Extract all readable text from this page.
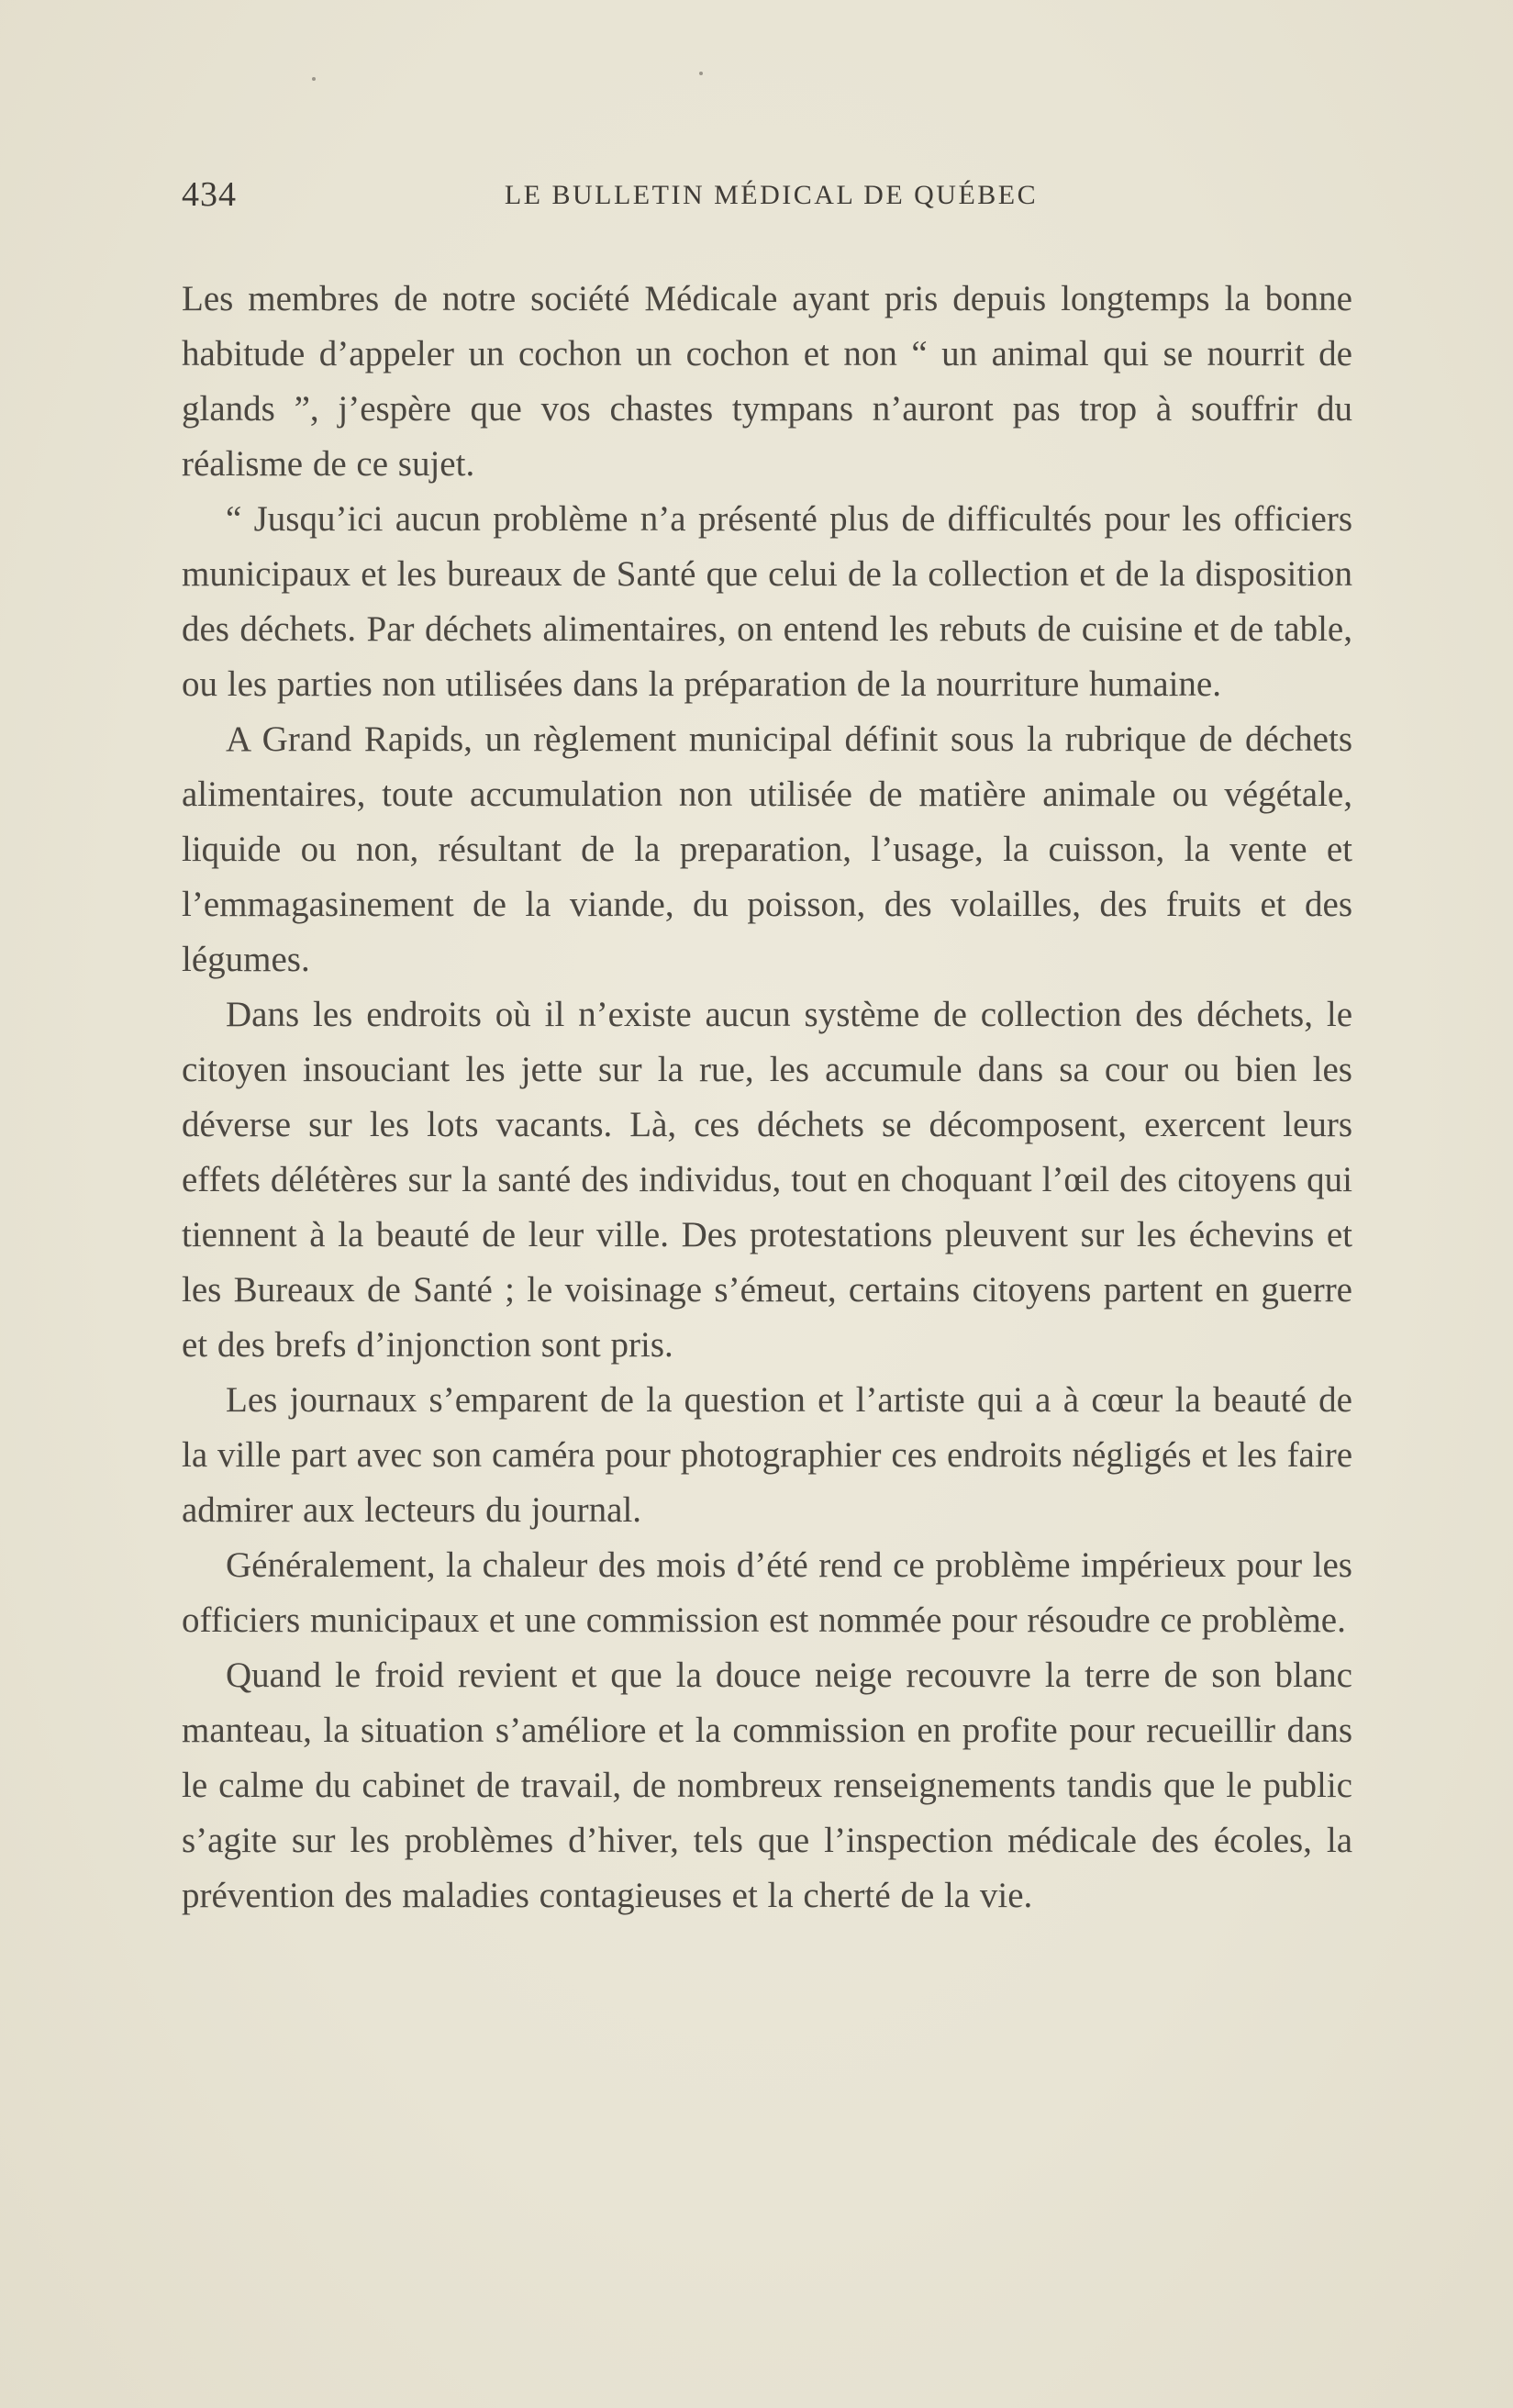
434	LE BULLETIN MÉDICAL DE QUÉBEC

Les membres de notre société Médicale ayant pris depuis longtemps la bonne habitude d’appeler un cochon un cochon et non “ un animal qui se nourrit de glands ”, j’espère que vos chastes tympans n’auront pas trop à souffrir du réalisme de ce sujet.

“ Jusqu’ici aucun problème n’a présenté plus de difficultés pour les officiers municipaux et les bureaux de Santé que celui de la collection et de la disposition des déchets. Par déchets alimentaires, on entend les rebuts de cuisine et de table, ou les parties non utilisées dans la préparation de la nourriture humaine.

A Grand Rapids, un règlement municipal définit sous la rubrique de déchets alimentaires, toute accumulation non utilisée de matière animale ou végétale, liquide ou non, résultant de la preparation, l’usage, la cuisson, la vente et l’emmagasinement de la viande, du poisson, des volailles, des fruits et des légumes.

Dans les endroits où il n’existe aucun système de collection des déchets, le citoyen insouciant les jette sur la rue, les accumule dans sa cour ou bien les déverse sur les lots vacants. Là, ces déchets se décomposent, exercent leurs effets délétères sur la santé des individus, tout en choquant l’œil des citoyens qui tiennent à la beauté de leur ville. Des protestations pleuvent sur les échevins et les Bureaux de Santé ; le voisinage s’émeut, certains citoyens partent en guerre et des brefs d’injonction sont pris.

Les journaux s’emparent de la question et l’artiste qui a à cœur la beauté de la ville part avec son caméra pour photographier ces endroits négligés et les faire admirer aux lecteurs du journal.

Généralement, la chaleur des mois d’été rend ce problème impérieux pour les officiers municipaux et une commission est nommée pour résoudre ce problème.

Quand le froid revient et que la douce neige recouvre la terre de son blanc manteau, la situation s’améliore et la commission en profite pour recueillir dans le calme du cabinet de travail, de nombreux renseignements tandis que le public s’agite sur les problèmes d’hiver, tels que l’inspection médicale des écoles, la prévention des maladies contagieuses et la cherté de la vie.
